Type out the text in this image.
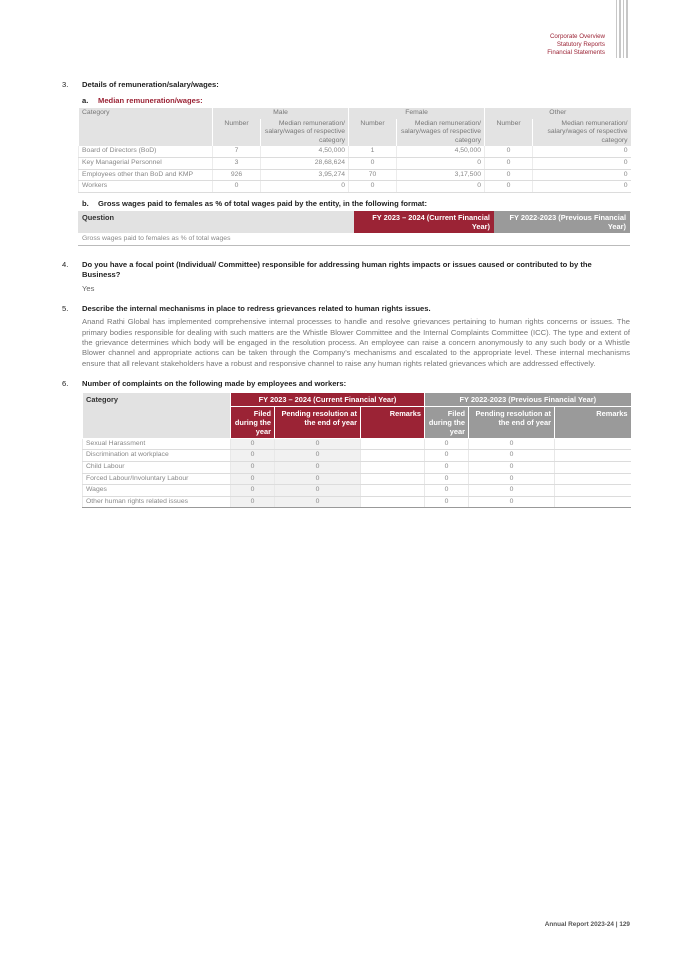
Corporate Overview
Statutory Reports
Financial Statements
3.	Details of remuneration/salary/wages:
a.	Median remuneration/wages:
Category	Male		Female		Other	
	Number	Median remuneration/ salary/wages of respective category	Number	Median remuneration/ salary/wages of respective category	Number	Median remuneration/ salary/wages of respective category
Board of Directors (BoD)	7	4,50,000	1	4,50,000	0	0
Key Managerial Personnel	3	28,68,624	0	0	0	0
Employees other than BoD and KMP	926	3,95,274	70	3,17,500	0	0
Workers	0	0	0	0	0	0
b.	Gross wages paid to females as % of total wages paid by the entity, in the following format:
Question	FY 2023 – 2024 (Current Financial Year)	FY 2022-2023 (Previous Financial Year)
Gross wages paid to females as % of total wages		
4.	Do you have a focal point (Individual/ Committee) responsible for addressing human rights impacts or issues caused or contributed to by the Business?
Yes
5.	Describe the internal mechanisms in place to redress grievances related to human rights issues.
Anand Rathi Global has implemented comprehensive internal processes to handle and resolve grievances pertaining to human rights concerns or issues. The primary bodies responsible for dealing with such matters are the Whistle Blower Committee and the Internal Complaints Committee (ICC). The type and extent of the grievance determines which body will be engaged in the resolution process. An employee can raise a concern anonymously to any such body or a Whistle Blower channel and appropriate actions can be taken through the Company's mechanisms and escalated to the appropriate level. These internal mechanisms ensure that all relevant stakeholders have a robust and responsive channel to raise any human rights related grievances which are addressed effectively.
6.	Number of complaints on the following made by employees and workers:
Category	FY 2023 – 2024 (Current Financial Year)			FY 2022-2023 (Previous Financial Year)		
	Filed during the year	Pending resolution at the end of year	Remarks	Filed during the year	Pending resolution at the end of year	Remarks
Sexual Harassment	0	0		0	0	
Discrimination at workplace	0	0		0	0	
Child Labour	0	0		0	0	
Forced Labour/Involuntary Labour	0	0		0	0	
Wages	0	0		0	0	
Other human rights related issues	0	0		0	0	
Annual Report 2023-24 | 129
